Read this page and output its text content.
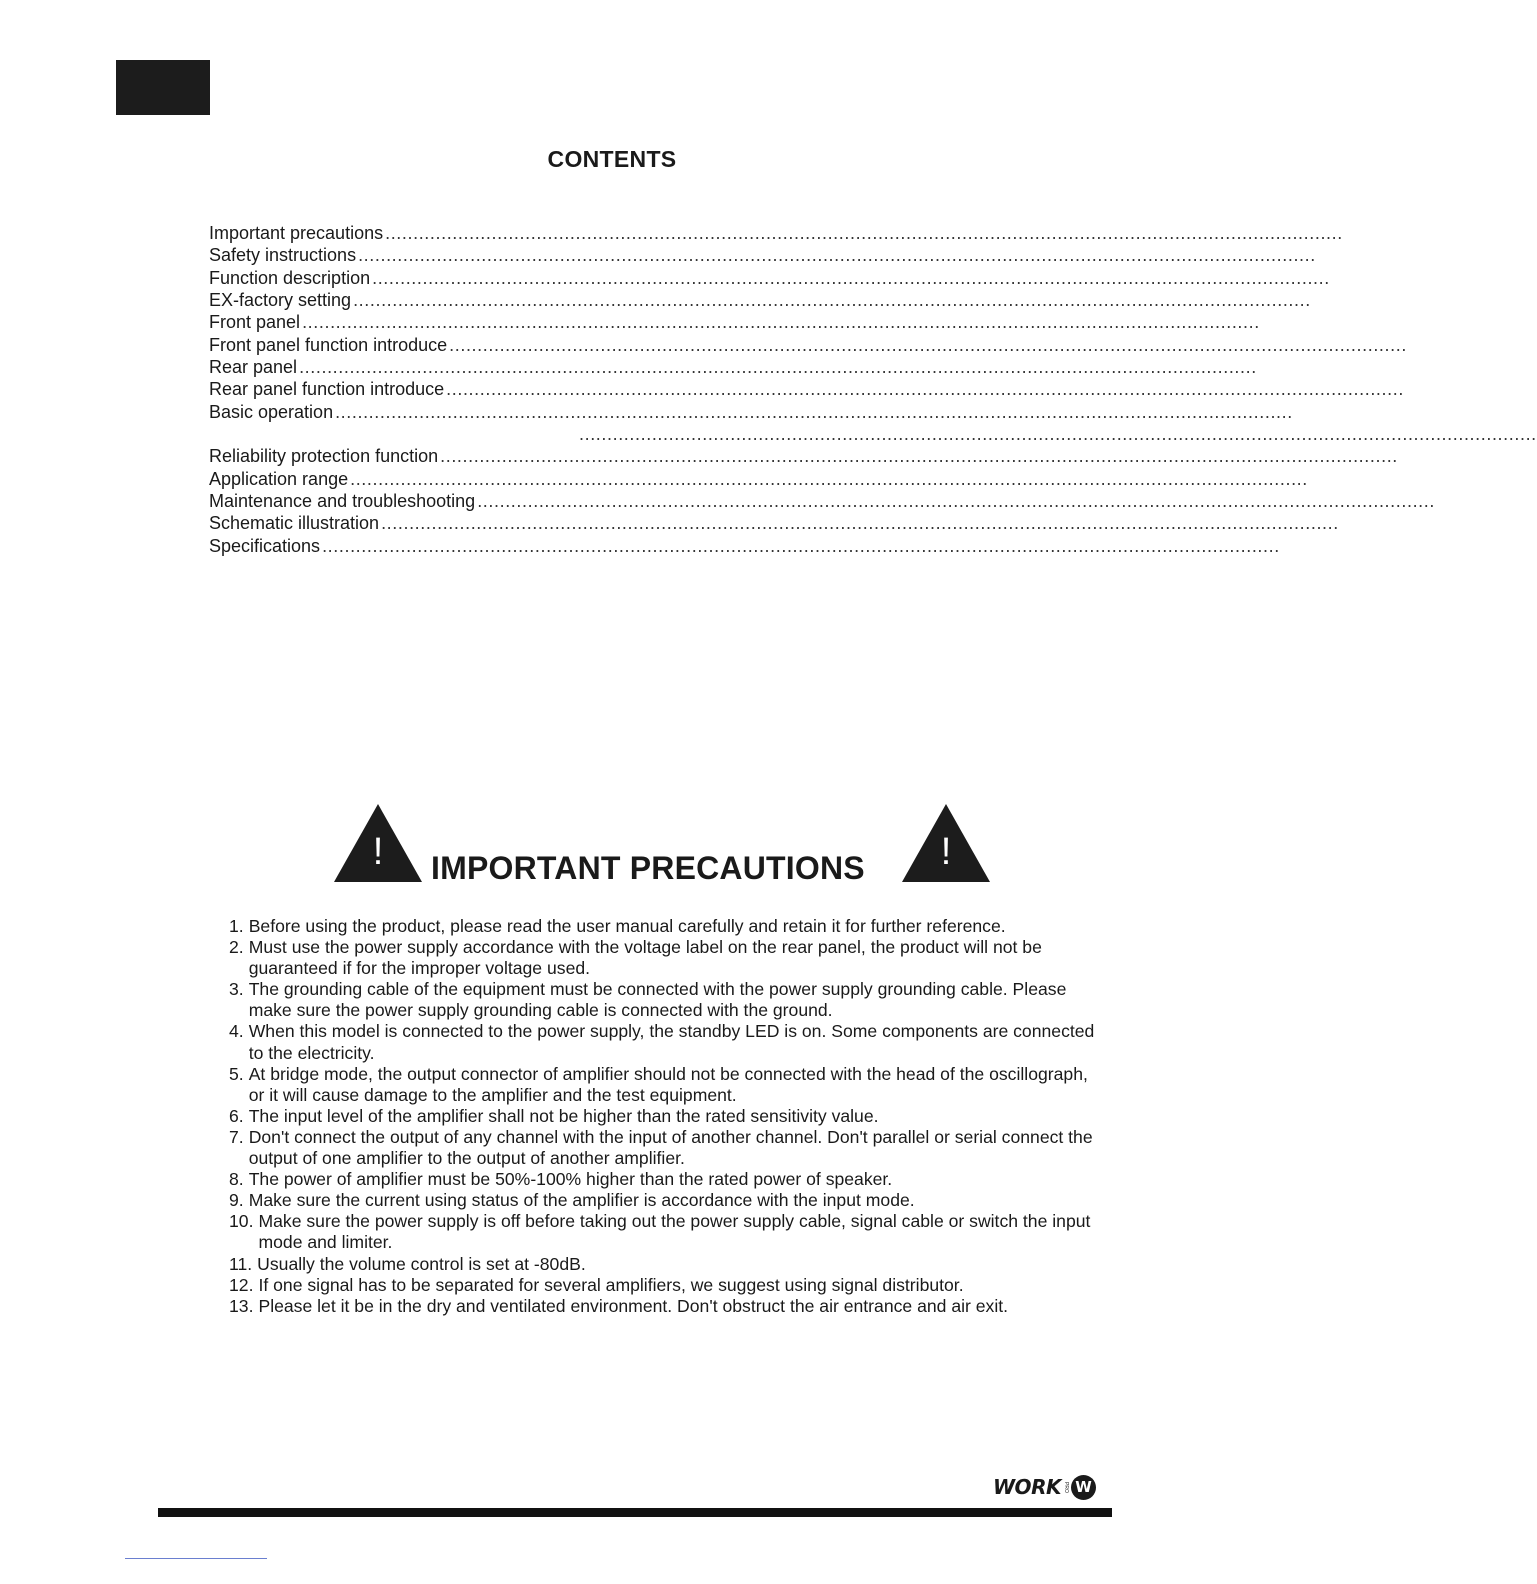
CONTENTS
Important precautions ...........................................................................................................................................................................
Safety instructions ...........................................................................................................................................................................
Function description ...........................................................................................................................................................................
EX-factory setting ...........................................................................................................................................................................
Front panel ...........................................................................................................................................................................
Front panel function introduce ...........................................................................................................................................................................
Rear panel ...........................................................................................................................................................................
Rear panel function introduce ...........................................................................................................................................................................
Basic operation ...........................................................................................................................................................................
...........................................................................................................................................................................
Reliability protection function ...........................................................................................................................................................................
Application range ...........................................................................................................................................................................
Maintenance and troubleshooting ...........................................................................................................................................................................
Schematic illustration ...........................................................................................................................................................................
Specifications ...........................................................................................................................................................................
!	IMPORTANT PRECAUTIONS	!
1. Before using the product, please read the user manual carefully and retain it for further reference.
2. Must use the power supply accordance with the voltage label on the rear panel, the product will not be guaranteed if for the improper voltage used.
3. The grounding cable of the equipment must be connected with the power supply grounding cable. Please make sure the power supply grounding cable is connected with the ground.
4. When this model is connected to the power supply, the standby LED is on. Some components are connected to the electricity.
5. At bridge mode, the output connector of amplifier should not be connected with the head of the oscillograph, or it will cause damage to the amplifier and the test equipment.
6. The input level of the amplifier shall not be higher than the rated sensitivity value.
7. Don't connect the output of any channel with the input of another channel. Don't parallel or serial connect the output of one amplifier to the output of another amplifier.
8. The power of amplifier must be 50%-100% higher than the rated power of speaker.
9. Make sure the current using status of the amplifier is accordance with the input mode.
10. Make sure the power supply is off before taking out the power supply cable, signal cable or switch the input mode and limiter.
11. Usually the volume control is set at -80dB.
12. If one signal has to be separated for several amplifiers, we suggest using signal distributor.
13. Please let it be in the dry and ventilated environment. Don't obstruct the air entrance and air exit.
WORK PRO W
